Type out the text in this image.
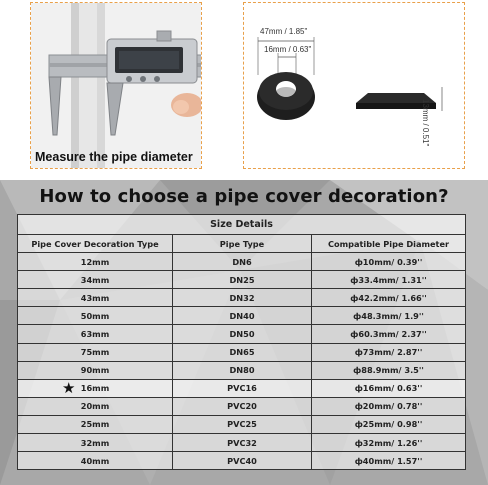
Measure the pipe diameter
47mm / 1.85"
16mm / 0.63"
13mm / 0.51"
How to choose a pipe cover decoration?
Size Details		
Pipe Cover Decoration Type	Pipe Type	Compatible Pipe Diameter
12mm	DN6	ф10mm/ 0.39''
34mm	DN25	ф33.4mm/ 1.31''
43mm	DN32	ф42.2mm/ 1.66''
50mm	DN40	ф48.3mm/ 1.9''
63mm	DN50	ф60.3mm/ 2.37''
75mm	DN65	ф73mm/ 2.87''
90mm	DN80	ф88.9mm/ 3.5''

★ 16mm	PVC16	ф16mm/ 0.63''
20mm	PVC20	ф20mm/ 0.78''
25mm	PVC25	ф25mm/ 0.98''
32mm	PVC32	ф32mm/ 1.26''
40mm	PVC40	ф40mm/ 1.57''
